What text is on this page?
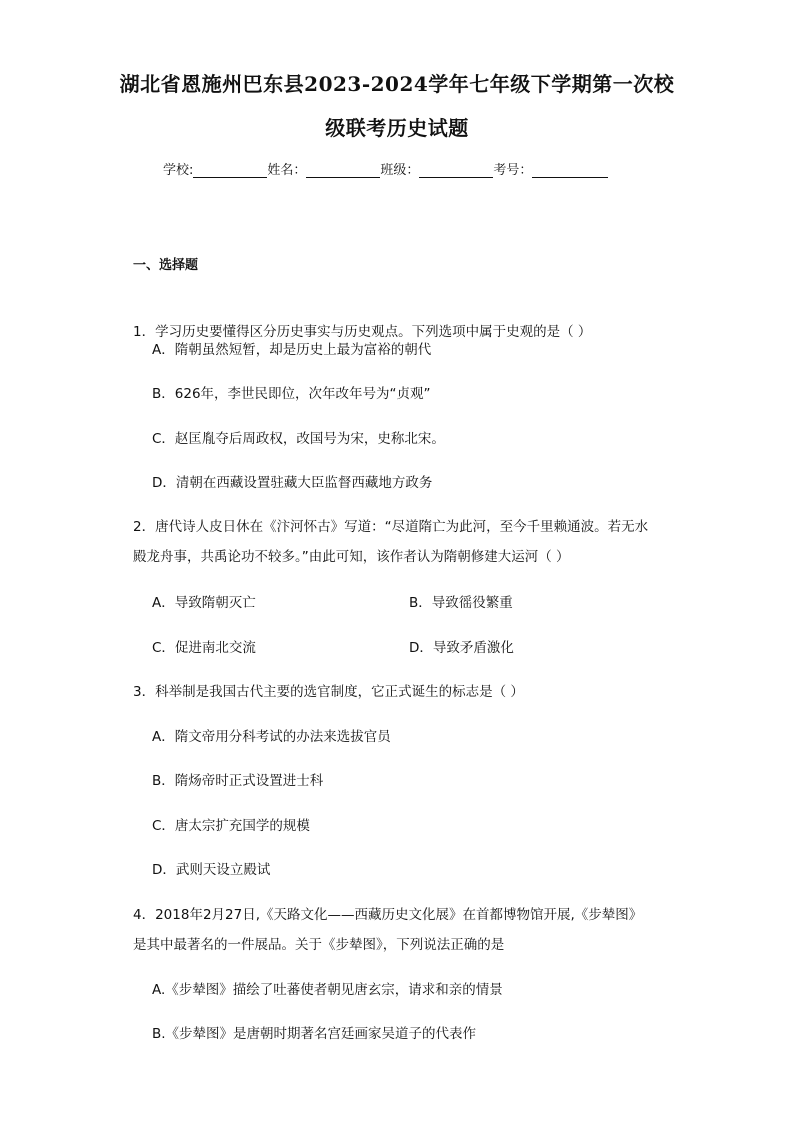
湖北省恩施州巴东县2023-2024学年七年级下学期第一次校
级联考历史试题
学校:	姓名：	班级：	考号：
一、选择题
1．学习历史要懂得区分历史事实与历史观点。下列选项中属于史观的是（ ）
A．隋朝虽然短暂，却是历史上最为富裕的朝代
B．626年，李世民即位，次年改年号为“贞观”
C．赵匡胤夺后周政权，改国号为宋，史称北宋。
D．清朝在西藏设置驻藏大臣监督西藏地方政务
2．唐代诗人皮日休在《汴河怀古》写道：“尽道隋亡为此河，至今千里赖通波。若无水
殿龙舟事，共禹论功不较多。”由此可知，该作者认为隋朝修建大运河（ ）
A．导致隋朝灭亡	B．导致徭役繁重
C．促进南北交流	D．导致矛盾激化
3．科举制是我国古代主要的选官制度，它正式诞生的标志是（ ）
A．隋文帝用分科考试的办法来选拔官员
B．隋炀帝时正式设置进士科
C．唐太宗扩充国学的规模
D．武则天设立殿试
4．2018年2月27日,《天路文化——西藏历史文化展》在首都博物馆开展,《步辇图》
是其中最著名的一件展品。关于《步辇图》，下列说法正确的是
A.《步辇图》描绘了吐蕃使者朝见唐玄宗，请求和亲的情景
B.《步辇图》是唐朝时期著名宫廷画家吴道子的代表作
